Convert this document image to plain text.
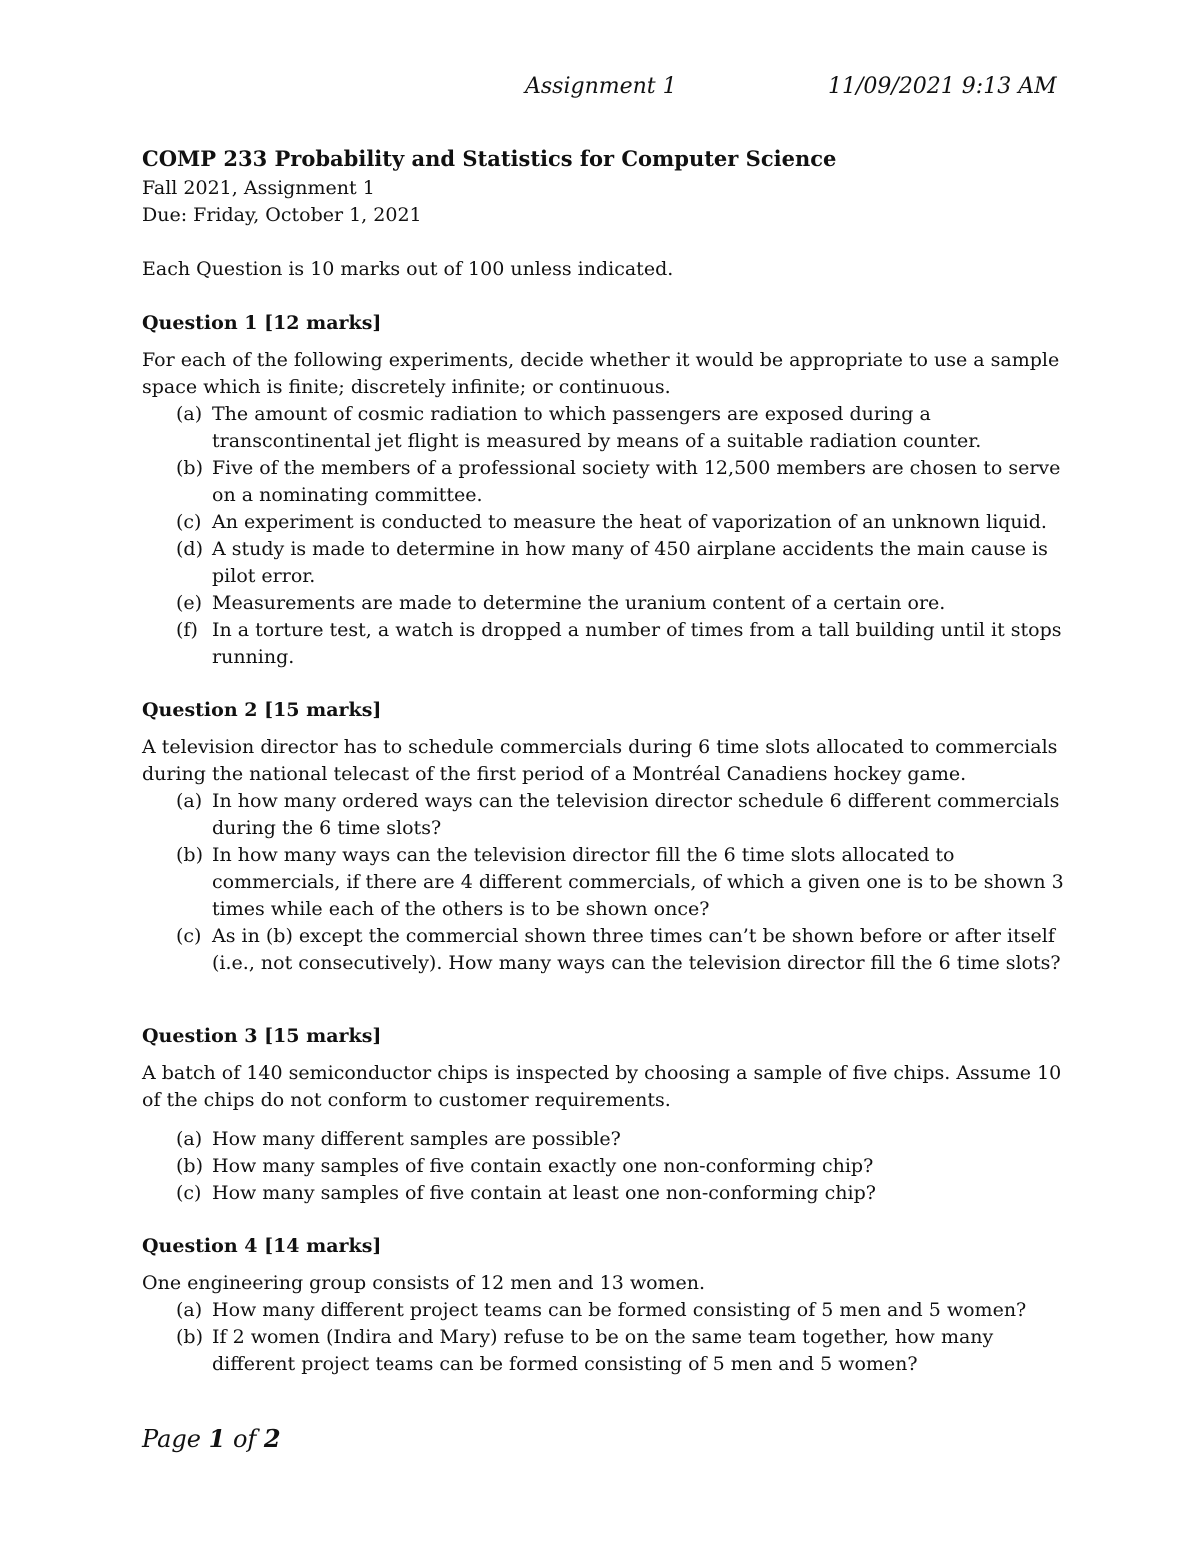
Assignment 1	11/09/2021 9:13 AM
COMP 233 Probability and Statistics for Computer Science
Fall 2021, Assignment 1
Due: Friday, October 1, 2021
Each Question is 10 marks out of 100 unless indicated.
Question 1 [12 marks]
For each of the following experiments, decide whether it would be appropriate to use a sample space which is finite; discretely infinite; or continuous.
(a) The amount of cosmic radiation to which passengers are exposed during a transcontinental jet flight is measured by means of a suitable radiation counter.
(b) Five of the members of a professional society with 12,500 members are chosen to serve on a nominating committee.
(c) An experiment is conducted to measure the heat of vaporization of an unknown liquid.
(d) A study is made to determine in how many of 450 airplane accidents the main cause is pilot error.
(e) Measurements are made to determine the uranium content of a certain ore.
(f) In a torture test, a watch is dropped a number of times from a tall building until it stops running.
Question 2 [15 marks]
A television director has to schedule commercials during 6 time slots allocated to commercials during the national telecast of the first period of a Montréal Canadiens hockey game.
(a) In how many ordered ways can the television director schedule 6 different commercials during the 6 time slots?
(b) In how many ways can the television director fill the 6 time slots allocated to commercials, if there are 4 different commercials, of which a given one is to be shown 3 times while each of the others is to be shown once?
(c) As in (b) except the commercial shown three times can’t be shown before or after itself (i.e., not consecutively). How many ways can the television director fill the 6 time slots?
Question 3 [15 marks]
A batch of 140 semiconductor chips is inspected by choosing a sample of five chips. Assume 10 of the chips do not conform to customer requirements.
(a) How many different samples are possible?
(b) How many samples of five contain exactly one non-conforming chip?
(c) How many samples of five contain at least one non-conforming chip?
Question 4 [14 marks]
One engineering group consists of 12 men and 13 women.
(a) How many different project teams can be formed consisting of 5 men and 5 women?
(b) If 2 women (Indira and Mary) refuse to be on the same team together, how many different project teams can be formed consisting of 5 men and 5 women?
Page 1 of 2
